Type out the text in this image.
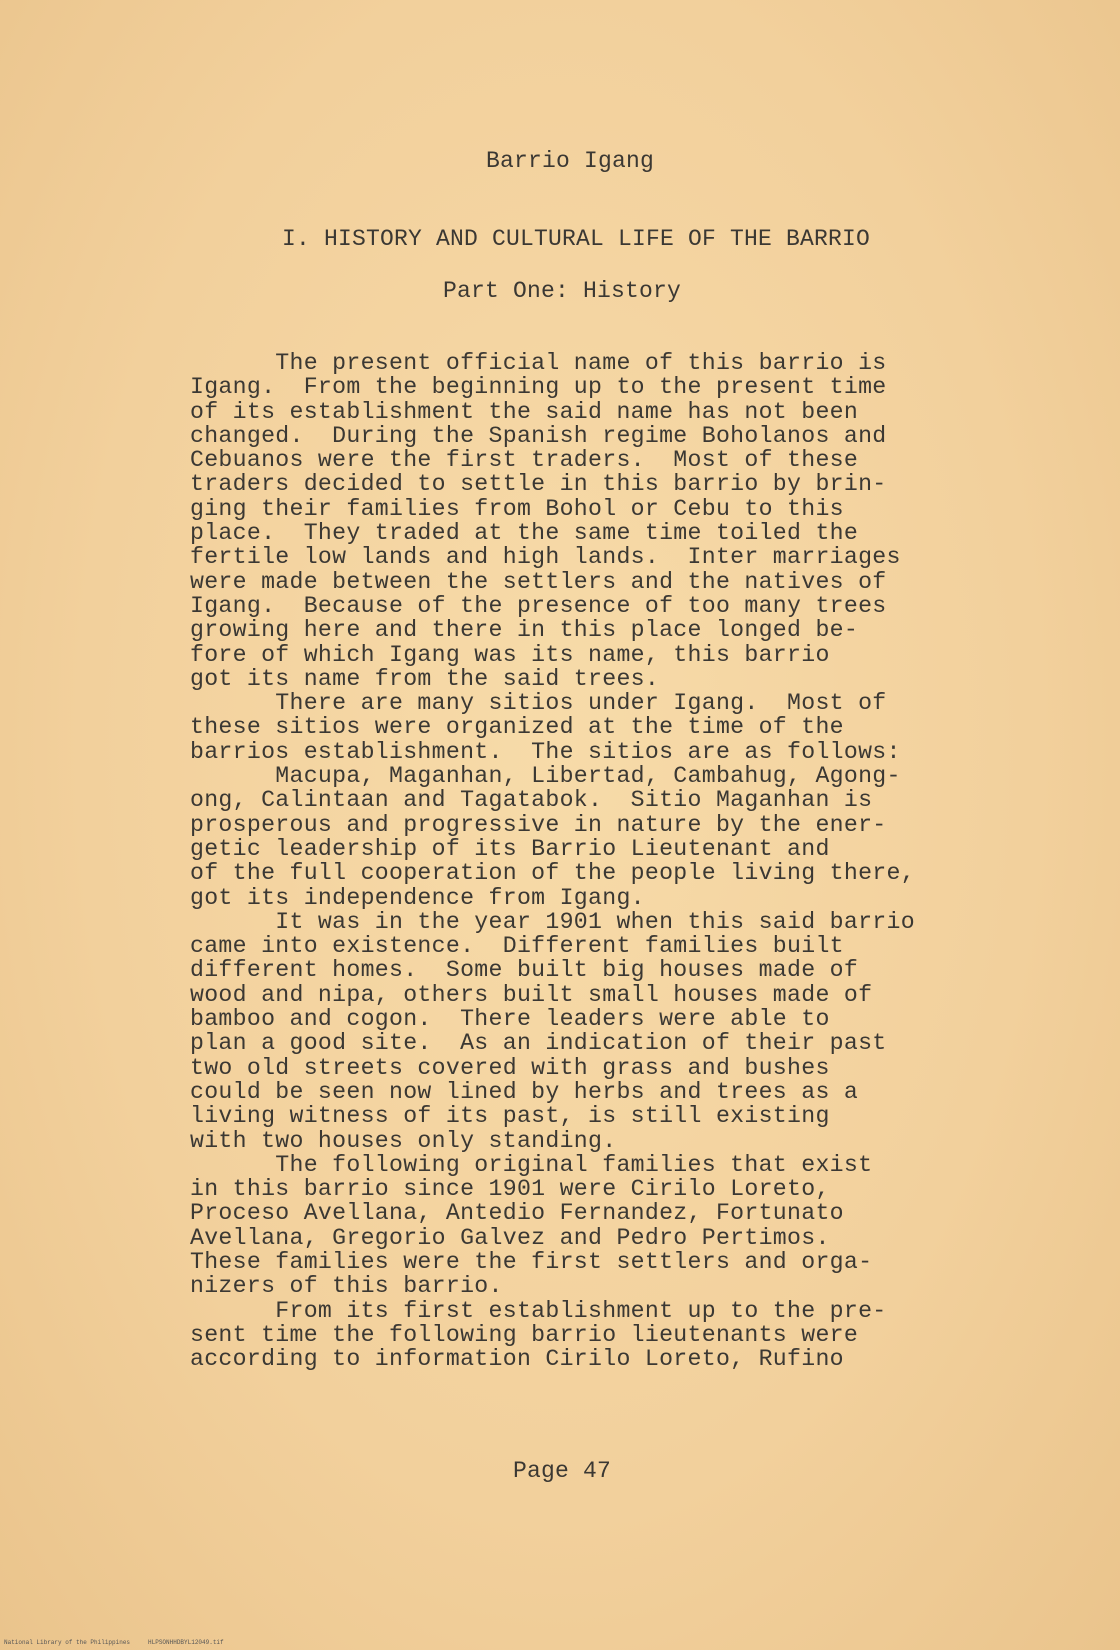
Barrio Igang
I. HISTORY AND CULTURAL LIFE OF THE BARRIO
Part One: History
The present official name of this barrio is
Igang.  From the beginning up to the present time
of its establishment the said name has not been
changed.  During the Spanish regime Boholanos and
Cebuanos were the first traders.  Most of these
traders decided to settle in this barrio by brin-
ging their families from Bohol or Cebu to this
place.  They traded at the same time toiled the
fertile low lands and high lands.  Inter marriages
were made between the settlers and the natives of
Igang.  Because of the presence of too many trees
growing here and there in this place longed be-
fore of which Igang was its name, this barrio
got its name from the said trees.
There are many sitios under Igang.  Most of
these sitios were organized at the time of the
barrios establishment.  The sitios are as follows:
Macupa, Maganhan, Libertad, Cambahug, Agong-
ong, Calintaan and Tagatabok.  Sitio Maganhan is
prosperous and progressive in nature by the ener-
getic leadership of its Barrio Lieutenant and
of the full cooperation of the people living there,
got its independence from Igang.
It was in the year 1901 when this said barrio
came into existence.  Different families built
different homes.  Some built big houses made of
wood and nipa, others built small houses made of
bamboo and cogon.  There leaders were able to
plan a good site.  As an indication of their past
two old streets covered with grass and bushes
could be seen now lined by herbs and trees as a
living witness of its past, is still existing
with two houses only standing.
The following original families that exist
in this barrio since 1901 were Cirilo Loreto,
Proceso Avellana, Antedio Fernandez, Fortunato
Avellana, Gregorio Galvez and Pedro Pertimos.
These families were the first settlers and orga-
nizers of this barrio.
From its first establishment up to the pre-
sent time the following barrio lieutenants were
according to information Cirilo Loreto, Rufino
Page 47
National Library of the Philippines     HLPSONHHDBYL12049.tif
